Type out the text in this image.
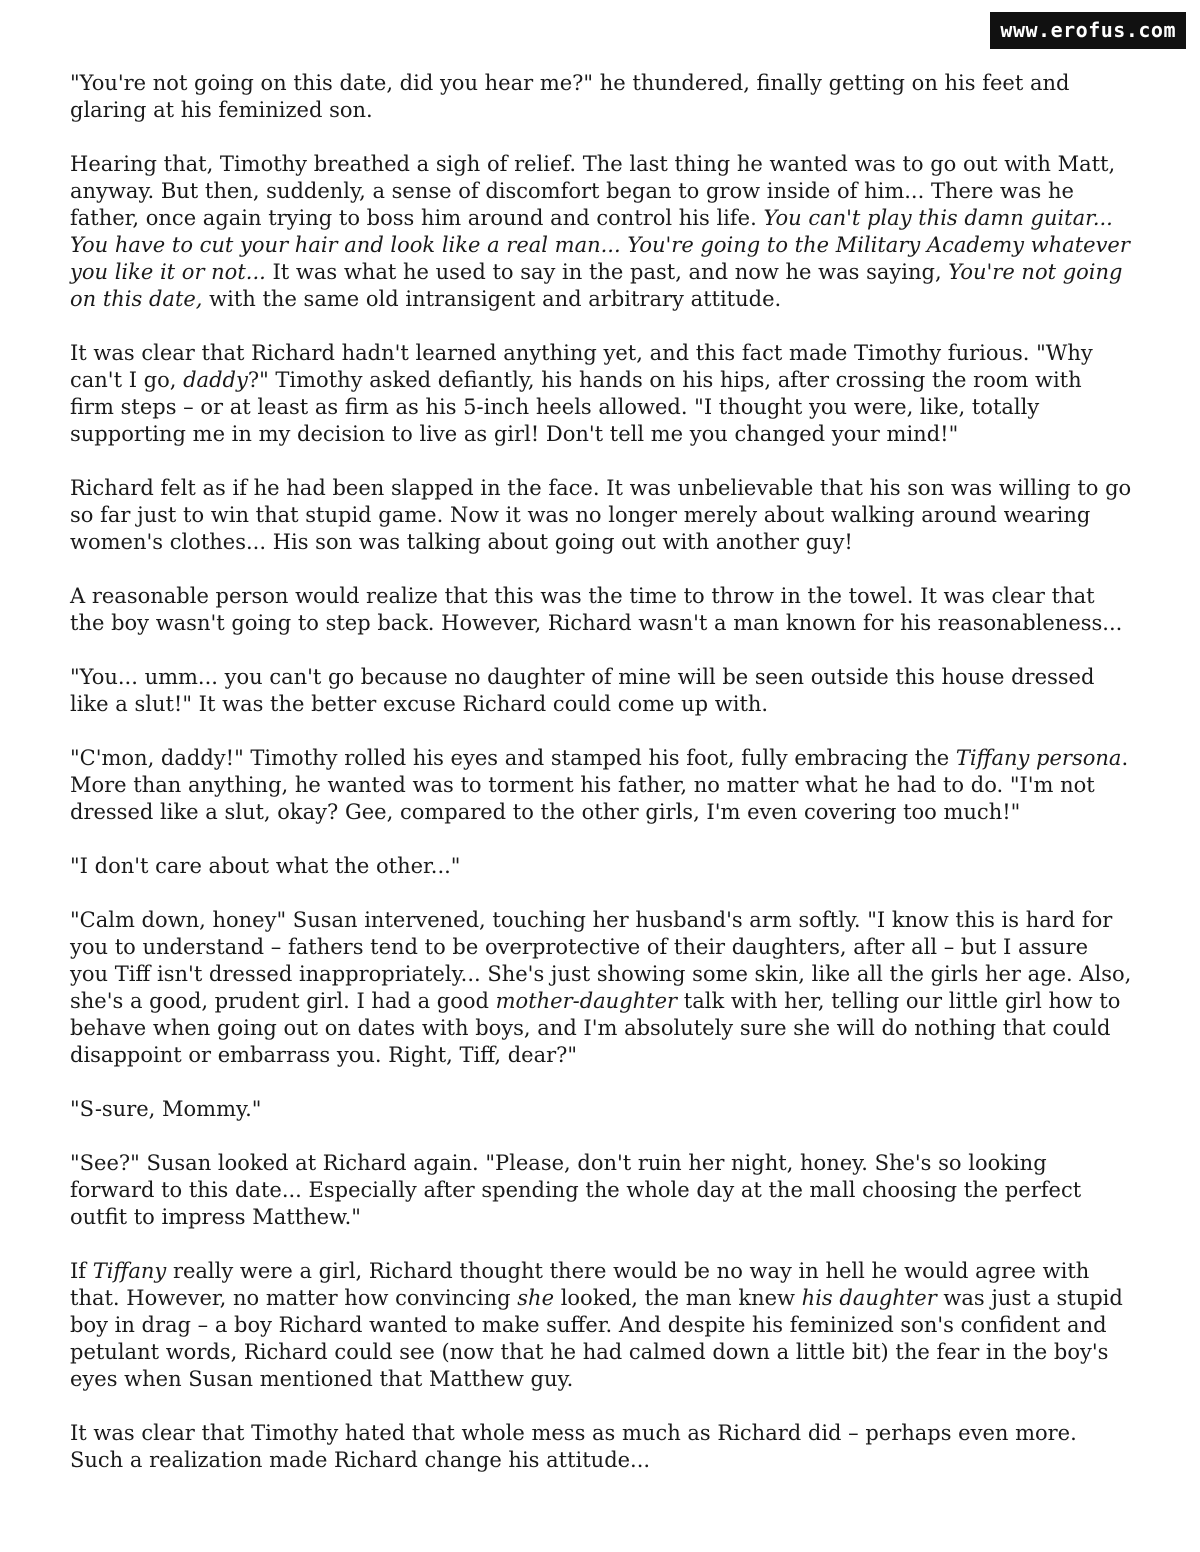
www.erofus.com

"You're not going on this date, did you hear me?" he thundered, finally getting on his feet and glaring at his feminized son.

Hearing that, Timothy breathed a sigh of relief. The last thing he wanted was to go out with Matt, anyway. But then, suddenly, a sense of discomfort began to grow inside of him... There was he father, once again trying to boss him around and control his life. You can't play this damn guitar... You have to cut your hair and look like a real man... You're going to the Military Academy whatever you like it or not... It was what he used to say in the past, and now he was saying, You're not going on this date, with the same old intransigent and arbitrary attitude.

It was clear that Richard hadn't learned anything yet, and this fact made Timothy furious. "Why can't I go, daddy?" Timothy asked defiantly, his hands on his hips, after crossing the room with firm steps – or at least as firm as his 5-inch heels allowed. "I thought you were, like, totally supporting me in my decision to live as girl! Don't tell me you changed your mind!"

Richard felt as if he had been slapped in the face. It was unbelievable that his son was willing to go so far just to win that stupid game. Now it was no longer merely about walking around wearing women's clothes... His son was talking about going out with another guy!

A reasonable person would realize that this was the time to throw in the towel. It was clear that the boy wasn't going to step back. However, Richard wasn't a man known for his reasonableness...

"You... umm... you can't go because no daughter of mine will be seen outside this house dressed like a slut!" It was the better excuse Richard could come up with.

"C'mon, daddy!" Timothy rolled his eyes and stamped his foot, fully embracing the Tiffany persona. More than anything, he wanted was to torment his father, no matter what he had to do. "I'm not dressed like a slut, okay? Gee, compared to the other girls, I'm even covering too much!"

"I don't care about what the other..."

"Calm down, honey" Susan intervened, touching her husband's arm softly. "I know this is hard for you to understand – fathers tend to be overprotective of their daughters, after all – but I assure you Tiff isn't dressed inappropriately... She's just showing some skin, like all the girls her age. Also, she's a good, prudent girl. I had a good mother-daughter talk with her, telling our little girl how to behave when going out on dates with boys, and I'm absolutely sure she will do nothing that could disappoint or embarrass you. Right, Tiff, dear?"

"S-sure, Mommy."

"See?" Susan looked at Richard again. "Please, don't ruin her night, honey. She's so looking forward to this date... Especially after spending the whole day at the mall choosing the perfect outfit to impress Matthew."

If Tiffany really were a girl, Richard thought there would be no way in hell he would agree with that. However, no matter how convincing she looked, the man knew his daughter was just a stupid boy in drag – a boy Richard wanted to make suffer. And despite his feminized son's confident and petulant words, Richard could see (now that he had calmed down a little bit) the fear in the boy's eyes when Susan mentioned that Matthew guy.

It was clear that Timothy hated that whole mess as much as Richard did – perhaps even more. Such a realization made Richard change his attitude...
